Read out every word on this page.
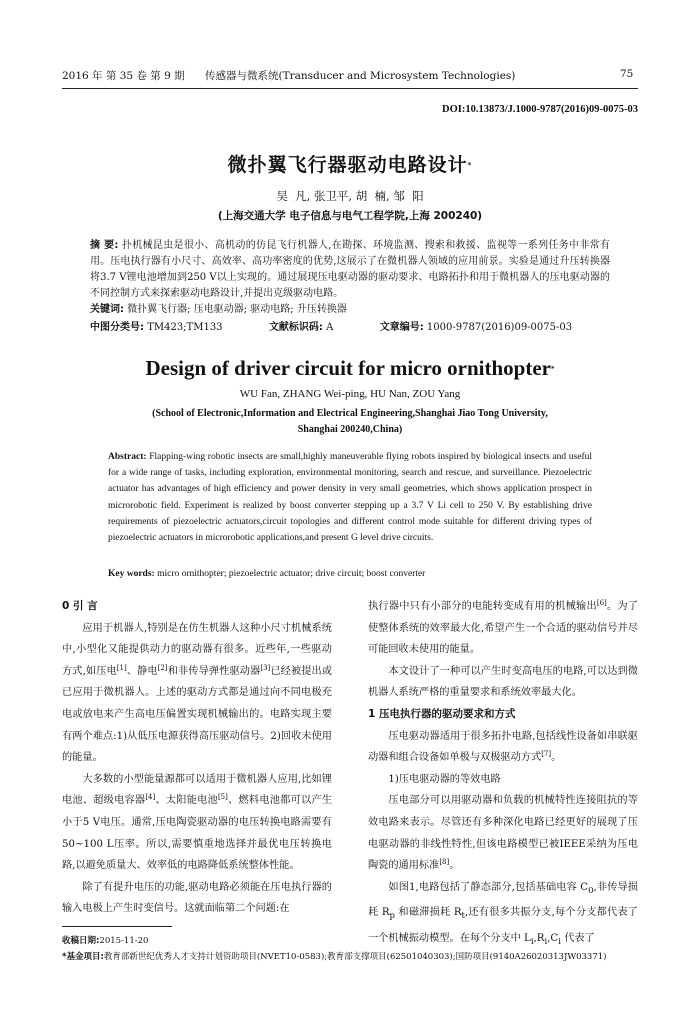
2016 年 第 35 卷 第 9 期 传感器与微系统(Transducer and Microsystem Technologies)	75
DOI:10.13873/J.1000-9787(2016)09-0075-03
微扑翼飞行器驱动电路设计*
吴  凡, 张卫平, 胡  楠, 邹  阳
(上海交通大学 电子信息与电气工程学院,上海 200240)
摘 要: 扑机械昆虫是很小、高机动的仿昆飞行机器人,在勘探、环境监测、搜索和救援、监视等一系列任务中非常有用。压电执行器有小尺寸、高效率、高功率密度的优势,这展示了在微机器人领域的应用前景。实验是通过升压转换器将3.7 V锂电池增加到250 V以上实现的。通过展现压电驱动器的驱动要求、电路拓扑和用于微机器人的压电驱动器的不同控制方式来探索驱动电路设计,并提出克级驱动电路。
关键词: 微扑翼飞行器; 压电驱动器; 驱动电路; 升压转换器
中图分类号: TM423;TM133	文献标识码: A	文章编号: 1000-9787(2016)09-0075-03
Design of driver circuit for micro ornithopter*
WU Fan, ZHANG Wei-ping, HU Nan, ZOU Yang
(School of Electronic,Information and Electrical Engineering,Shanghai Jiao Tong University,
Shanghai 200240,China)
Abstract: Flapping-wing robotic insects are small,highly maneuverable flying robots inspired by biological insects and useful for a wide range of tasks, including exploration, environmental monitoring, search and rescue, and surveillance. Piezoelectric actuator has advantages of high efficiency and power density in very small geometries, which shows application prospect in microrobotic field. Experiment is realized by boost converter stepping up a 3.7 V Li cell to 250 V. By establishing drive requirements of piezoelectric actuators,circuit topologies and different control mode suitable for different driving types of piezoelectric actuators in microrobotic applications,and present G level drive circuits.
Key words: micro ornithopter; piezoelectric actuator; drive circuit; boost converter
0 引 言

应用于机器人,特别是在仿生机器人这种小尺寸机械系统中,小型化又能提供动力的驱动器有很多。近些年,一些驱动方式,如压电[1]、静电[2]和非传导弹性驱动器[3]已经被提出或已应用于微机器人。上述的驱动方式都是通过向不同电极充电或放电来产生高电压偏置实现机械输出的。电路实现主要有两个难点:1)从低压电源获得高压驱动信号。2)回收未使用的能量。

大多数的小型能量源都可以适用于微机器人应用,比如锂电池、超级电容器[4]、太阳能电池[5]、燃料电池都可以产生小于5 V电压。通常,压电陶瓷驱动器的电压转换电路需要有50~100 L压率。所以,需要慎重地选择并最优电压转换电路,以避免质量大、效率低的电路降低系统整体性能。

除了有提升电压的功能,驱动电路必须能在压电执行器的输入电极上产生时变信号。这就面临第二个问题:在

执行器中只有小部分的电能转变成有用的机械输出[6]。为了使整体系统的效率最大化,希望产生一个合适的驱动信号并尽可能回收未使用的能量。

本文设计了一种可以产生时变高电压的电路,可以达到微机器人系统严格的重量要求和系统效率最大化。

1 压电执行器的驱动要求和方式

压电驱动器适用于很多拓扑电路,包括线性设备如串联驱动器和组合设备如单极与双极驱动方式[7]。

1)压电驱动器的等效电路

压电部分可以用驱动器和负载的机械特性连接阻抗的等效电路来表示。尽管还有多种深化电路已经更好的展现了压电驱动器的非线性特性,但该电路模型已被IEEE采纳为压电陶瓷的通用标准[8]。

如图1,电路包括了静态部分,包括基础电容 $C_0$,非传导损耗 $R_p$ 和磁滞损耗 $R_t$,还有很多共振分支,每个分支都代表了一个机械振动模型。在每个分支中 $L_i,R_i,C_i$ 代表了

收稿日期:2015-11-20
*基金项目:教育部新世纪优秀人才支持计划资助项目(NVET10-0583);教育部支撑项目(62501040303);国防项目(9140A26020313JW03371)
